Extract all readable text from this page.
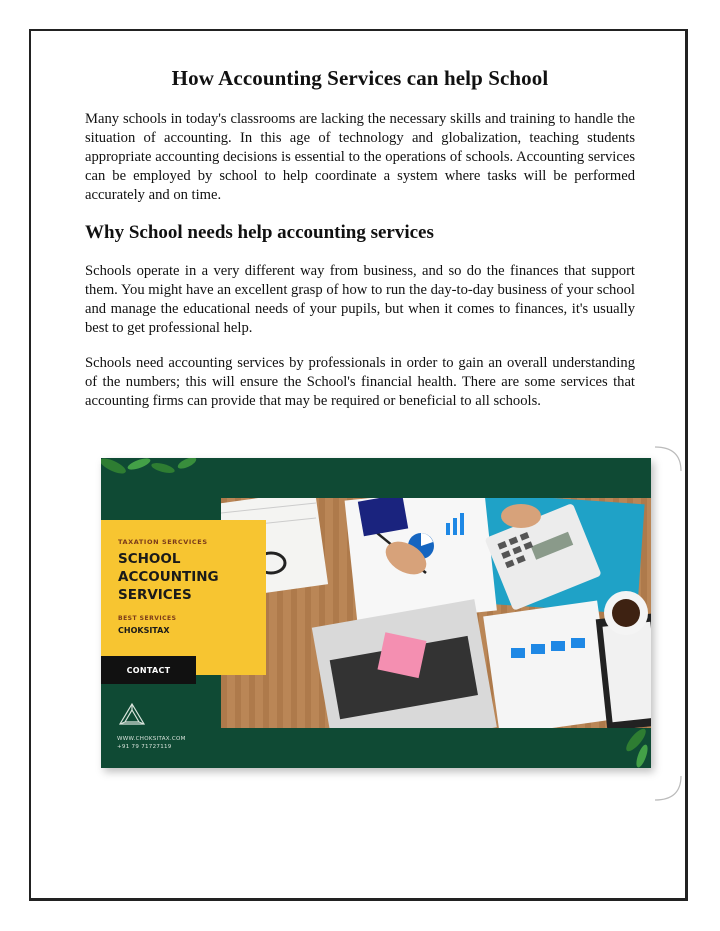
How Accounting Services can help School

Many schools in today's classrooms are lacking the necessary skills and training to handle the situation of accounting. In this age of technology and globalization, teaching students appropriate accounting decisions is essential to the operations of schools. Accounting services can be employed by school to help coordinate a system where tasks will be performed accurately and on time.

Why School needs help accounting services

Schools operate in a very different way from business, and so do the finances that support them. You might have an excellent grasp of how to run the day-to-day business of your school and manage the educational needs of your pupils, but when it comes to finances, it's usually best to get professional help.

Schools need accounting services by professionals in order to gain an overall understanding of the numbers; this will ensure the School's financial health. There are some services that accounting firms can provide that may be required or beneficial to all schools.

TAXATION SERCVICES
SCHOOL
ACCOUNTING
SERVICES
BEST SERVICES
CHOKSITAX
CONTACT
WWW.CHOKSITAX.COM
+91 79 71727119
